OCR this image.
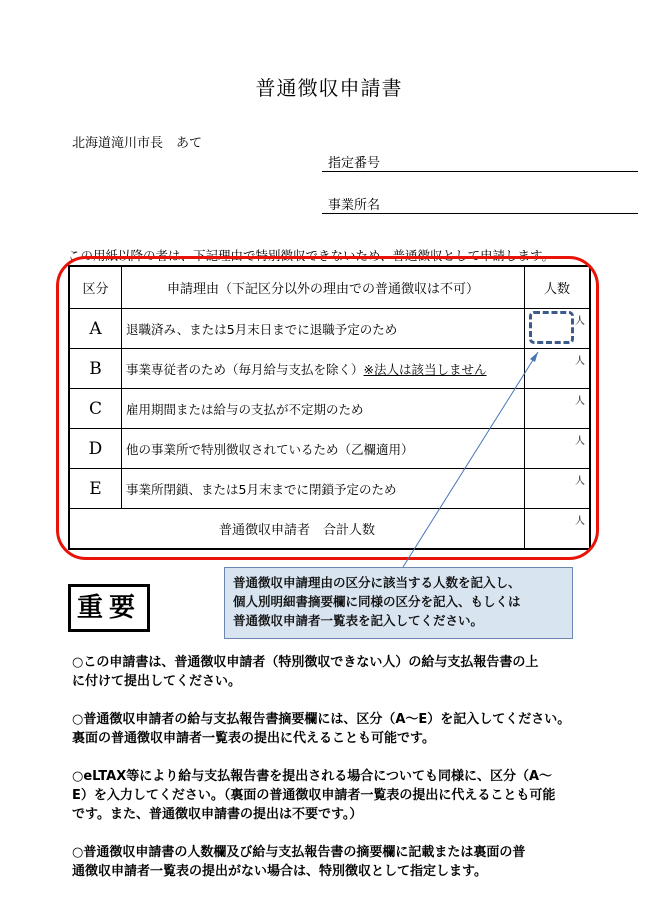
普通徴収申請書
北海道滝川市長　あて
指定番号
事業所名
この用紙以降の者は、下記理由で特別徴収できないため、普通徴収として申請します。
区分	申請理由（下記区分以外の理由での普通徴収は不可）	人数
A	退職済み、または5月末日までに退職予定のため	人

B	事業専従者のため（毎月給与支払を除く）※法人は該当しません	人

C	雇用期間または給与の支払が不定期のため	人

D	他の事業所で特別徴収されているため（乙欄適用）	人

E	事業所閉鎖、または5月末までに閉鎖予定のため	人

普通徴収申請者　合計人数		人
普通徴収申請理由の区分に該当する人数を記入し、
個人別明細書摘要欄に同様の区分を記入、もしくは
普通徴収申請者一覧表を記入してください。
重要
○この申請書は、普通徴収申請者（特別徴収できない人）の給与支払報告書の上
に付けて提出してください。
○普通徴収申請者の給与支払報告書摘要欄には、区分（A～E）を記入してください。
裏面の普通徴収申請者一覧表の提出に代えることも可能です。
○eLTAX等により給与支払報告書を提出される場合についても同様に、区分（A～
E）を入力してください。（裏面の普通徴収申請者一覧表の提出に代えることも可能
です。また、普通徴収申請書の提出は不要です。）
○普通徴収申請書の人数欄及び給与支払報告書の摘要欄に記載または裏面の普
通徴収申請者一覧表の提出がない場合は、特別徴収として指定します。
